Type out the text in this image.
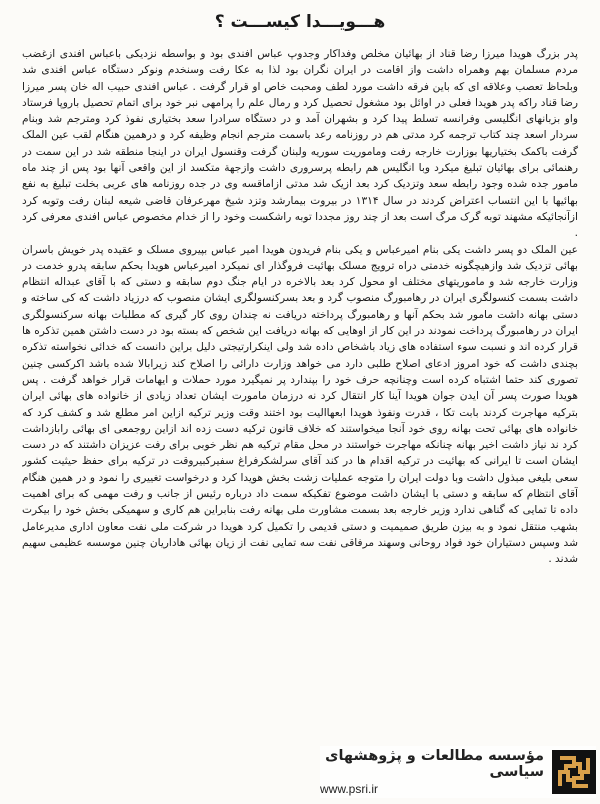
هـــويـــدا كيســـت ؟

پدر بزرگ هویدا میرزا رضا قناد از بهائیان مخلص وفداکار وجدوپ عباس افندی بود و بواسطه نزدیکی باعباس افندی ازغضب مردم مسلمان بهم وهمراه داشت واز اقامت در ایران نگران بود لذا به عکا رفت وسنخدم ونوکر دستگاه عباس افندی شد وبلحاظ تعصب وعلاقه ای که باین فرقه داشت مورد لطف ومحبت خاص او قرار گرفت . عباس افندی حبیب اله خان پسر میرزا رضا قناد راکه پدر هویدا فعلی در اوائل بود مشغول تحصیل کرد و رمال علم را پرامهی نبر خود برای اتمام تحصیل باروپا فرستاد واو بزبانهای انگلیسی وفرانسه تسلط پیدا کرد و بشهران آمد و در دستگاه سرادرا سعد بختیاری نفوذ کرد ومترجم شد وبنام سردار اسعد چند کتاب ترجمه کرد مدتی هم در روزنامه رعد باسمت مترجم انجام وظیفه کرد و درهمین هنگام لقب عین الملک گرفت باکمک بختیاریها بوزارت خارجه رفت وماموریت سوریه ولبنان گرفت وقنسول ایران در اینجا منطقه شد در این سمت در رهنمائی برای بهائیان تبلیغ میکرد وبا انگلیس هم رابطه پرسروری داشت وازجهة متکسد از این واقعی آنها بود پس از چند ماه مامور جده شده وجود رابطه سعد وتزدیک کرد بعد ازیک شد مدتی ازاماقسه وی در جده روزنامه های عربی بخلت تبلیغ به نفع بهائیها با این انتساب اعتراض کردند در سال ۱۳۱۴ در بیروت بیمارشد وتزد شیخ مهرعرفان قاضی شیعه لبنان رفت وتوبه کرد ازآنجائیکه مشهند توبه گرک مرگ است بعد از چند روز مجددا توبه راشکست وخود را از خدام مخصوص عباس افندی معرفی کرد .

عین الملک دو پسر داشت یکی بنام امیرعباس و یکی بنام فریدون هویدا امیر عباس بپیروی مسلک و عقیده پدر خویش باسران بهائی تزدیک شد وازهیچگونه خدمتی دراه ترویج مسلک بهائیت فروگذار ای نمیکرد امیرعباس هویدا بحکم سابقه پدرو خدمت در وزارت خارجه شد و ماموریتهای مختلف او محول کرد بعد بالاخره در ایام جنگ دوم سابقه و دستی که با آقای عبداله انتظام داشت بسمت کنسولگری ایران در رهامبورگ منصوب گرد و بعد بسرکنسولگری ایشان منصوب که درزیاد داشت که کی ساخته و دستی بهانه داشت مامور شد بحکم آنها و رهامبورگ پرداخته دریافت نه چندان روی کار گیری که مطلبات بهانه سرکنسولگری ایران در رهامبورگ پرداخت نمودند در این کار از اوهایی که بهانه دریافت این شخص که بسته بود در دست داشتن همین تذکره ها قرار کرده اند و نسبت سوء استفاده های زیاد باشخاص داده شد ولی اینکرارتیجتی دلیل براین دانست که خدائی نخواسته تذکره بچندی داشت که خود امروز ادعای اصلاح طلبی دارد می خواهد وزارت دارائی را اصلاح کند زیرابالا شده باشد اکرکسی چنین تصوری کند حتما اشتباه کرده است وچنانچه حرف خود را بپندارد پر نمیگیرد مورد حملات و ایهامات قرار خواهد گرفت . پس هویدا صورت پسر آن ایدن جوان هویدا آینا کار انتقال کرد نه درزمان مامورت ایشان تعداد زیادی از خانواده های بهائی ایران بترکیه مهاجرت کردند بابت تکا ، قدرت ونفوذ هویدا ابعهاالیت بود اختند وقت وزیر ترکیه ازاین امر مطلع شد و کشف کرد که خانواده های بهائی تحت بهانه روی خود آنجا میخواستند که خلاف قانون ترکیه دست زده اند ازاین روجمعی ای بهائی رابازداشت کرد ند نیاز داشت اخیر بهانه چنانکه مهاجرت خواستند در محل مقام ترکیه هم نظر خوبی برای رفت عزیزان داشتند که در دست ایشان است تا ایرانی که بهائیت در ترکیه اقدام ها در کند آقای سرلشکرفراغ سفیرکبیروقت در ترکیه برای حفظ حیثیت کشور سعی بلیغی مبذول داشت وبا دولت ایران را متوجه عملیات زشت بخش هویدا کرد و درخواست تغییری را نمود و در همین هنگام آقای انتظام که سابقه و دستی با ایشان داشت موضوع تفکیکه سمت داد درباره رئیس از جانب و رفت مهمی که برای اهمیت داده تا تمایی که گناهی ندارد وزیر خارجه بعد بسمت مشاورت ملی بهانه رفت بنابراین هم کاری و سهمیکی بخش خود را بیکرت بشهب منتقل نمود و به بیزن طریق صمیمیت و دستی قدیمی را تکمیل کرد هویدا در شرکت ملی نفت معاون اداری مدیرعامل شد وسپس دستیاران خود فواد روحانی وسهند مرفاقی نفت سه تمایی نفت از زیان بهائی هاداریان چنین موسسه عظیمی سهیم شدند .

مؤسسه مطالعات و پژوهشهای سیاسی
www.psri.ir
